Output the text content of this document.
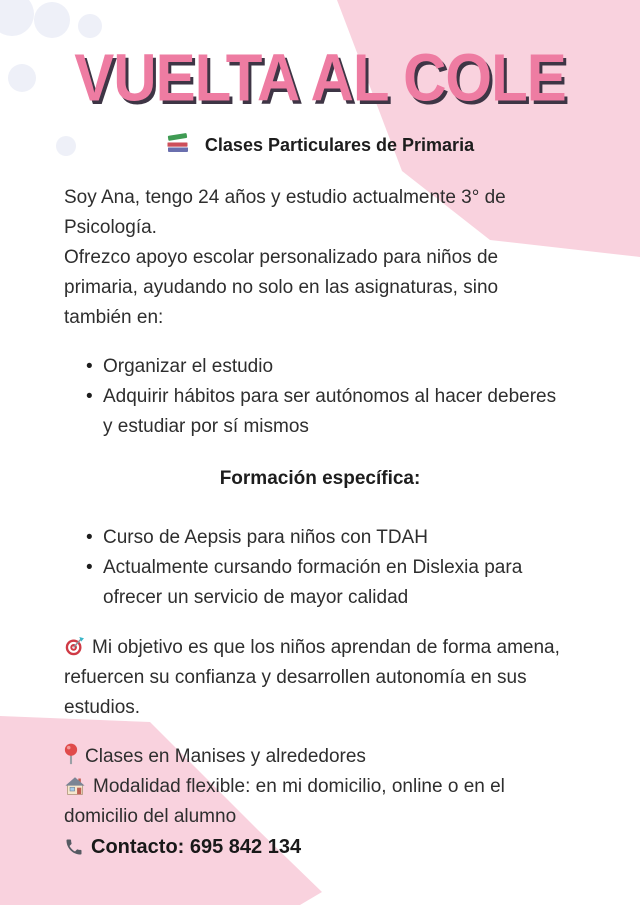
VUELTA AL COLE
Clases Particulares de Primaria
Soy Ana, tengo 24 años y estudio actualmente 3° de
Psicología.
Ofrezco apoyo escolar personalizado para niños de
primaria, ayudando no solo en las asignaturas, sino
también en:
• Organizar el estudio
• Adquirir hábitos para ser autónomos al hacer deberes
y estudiar por sí mismos
Formación específica:
• Curso de Aepsis para niños con TDAH
• Actualmente cursando formación en Dislexia para
ofrecer un servicio de mayor calidad
Mi objetivo es que los niños aprendan de forma amena,
refuercen su confianza y desarrollen autonomía en sus
estudios.
Clases en Manises y alrededores
Modalidad flexible: en mi domicilio, online o en el
domicilio del alumno
Contacto: 695 842 134
